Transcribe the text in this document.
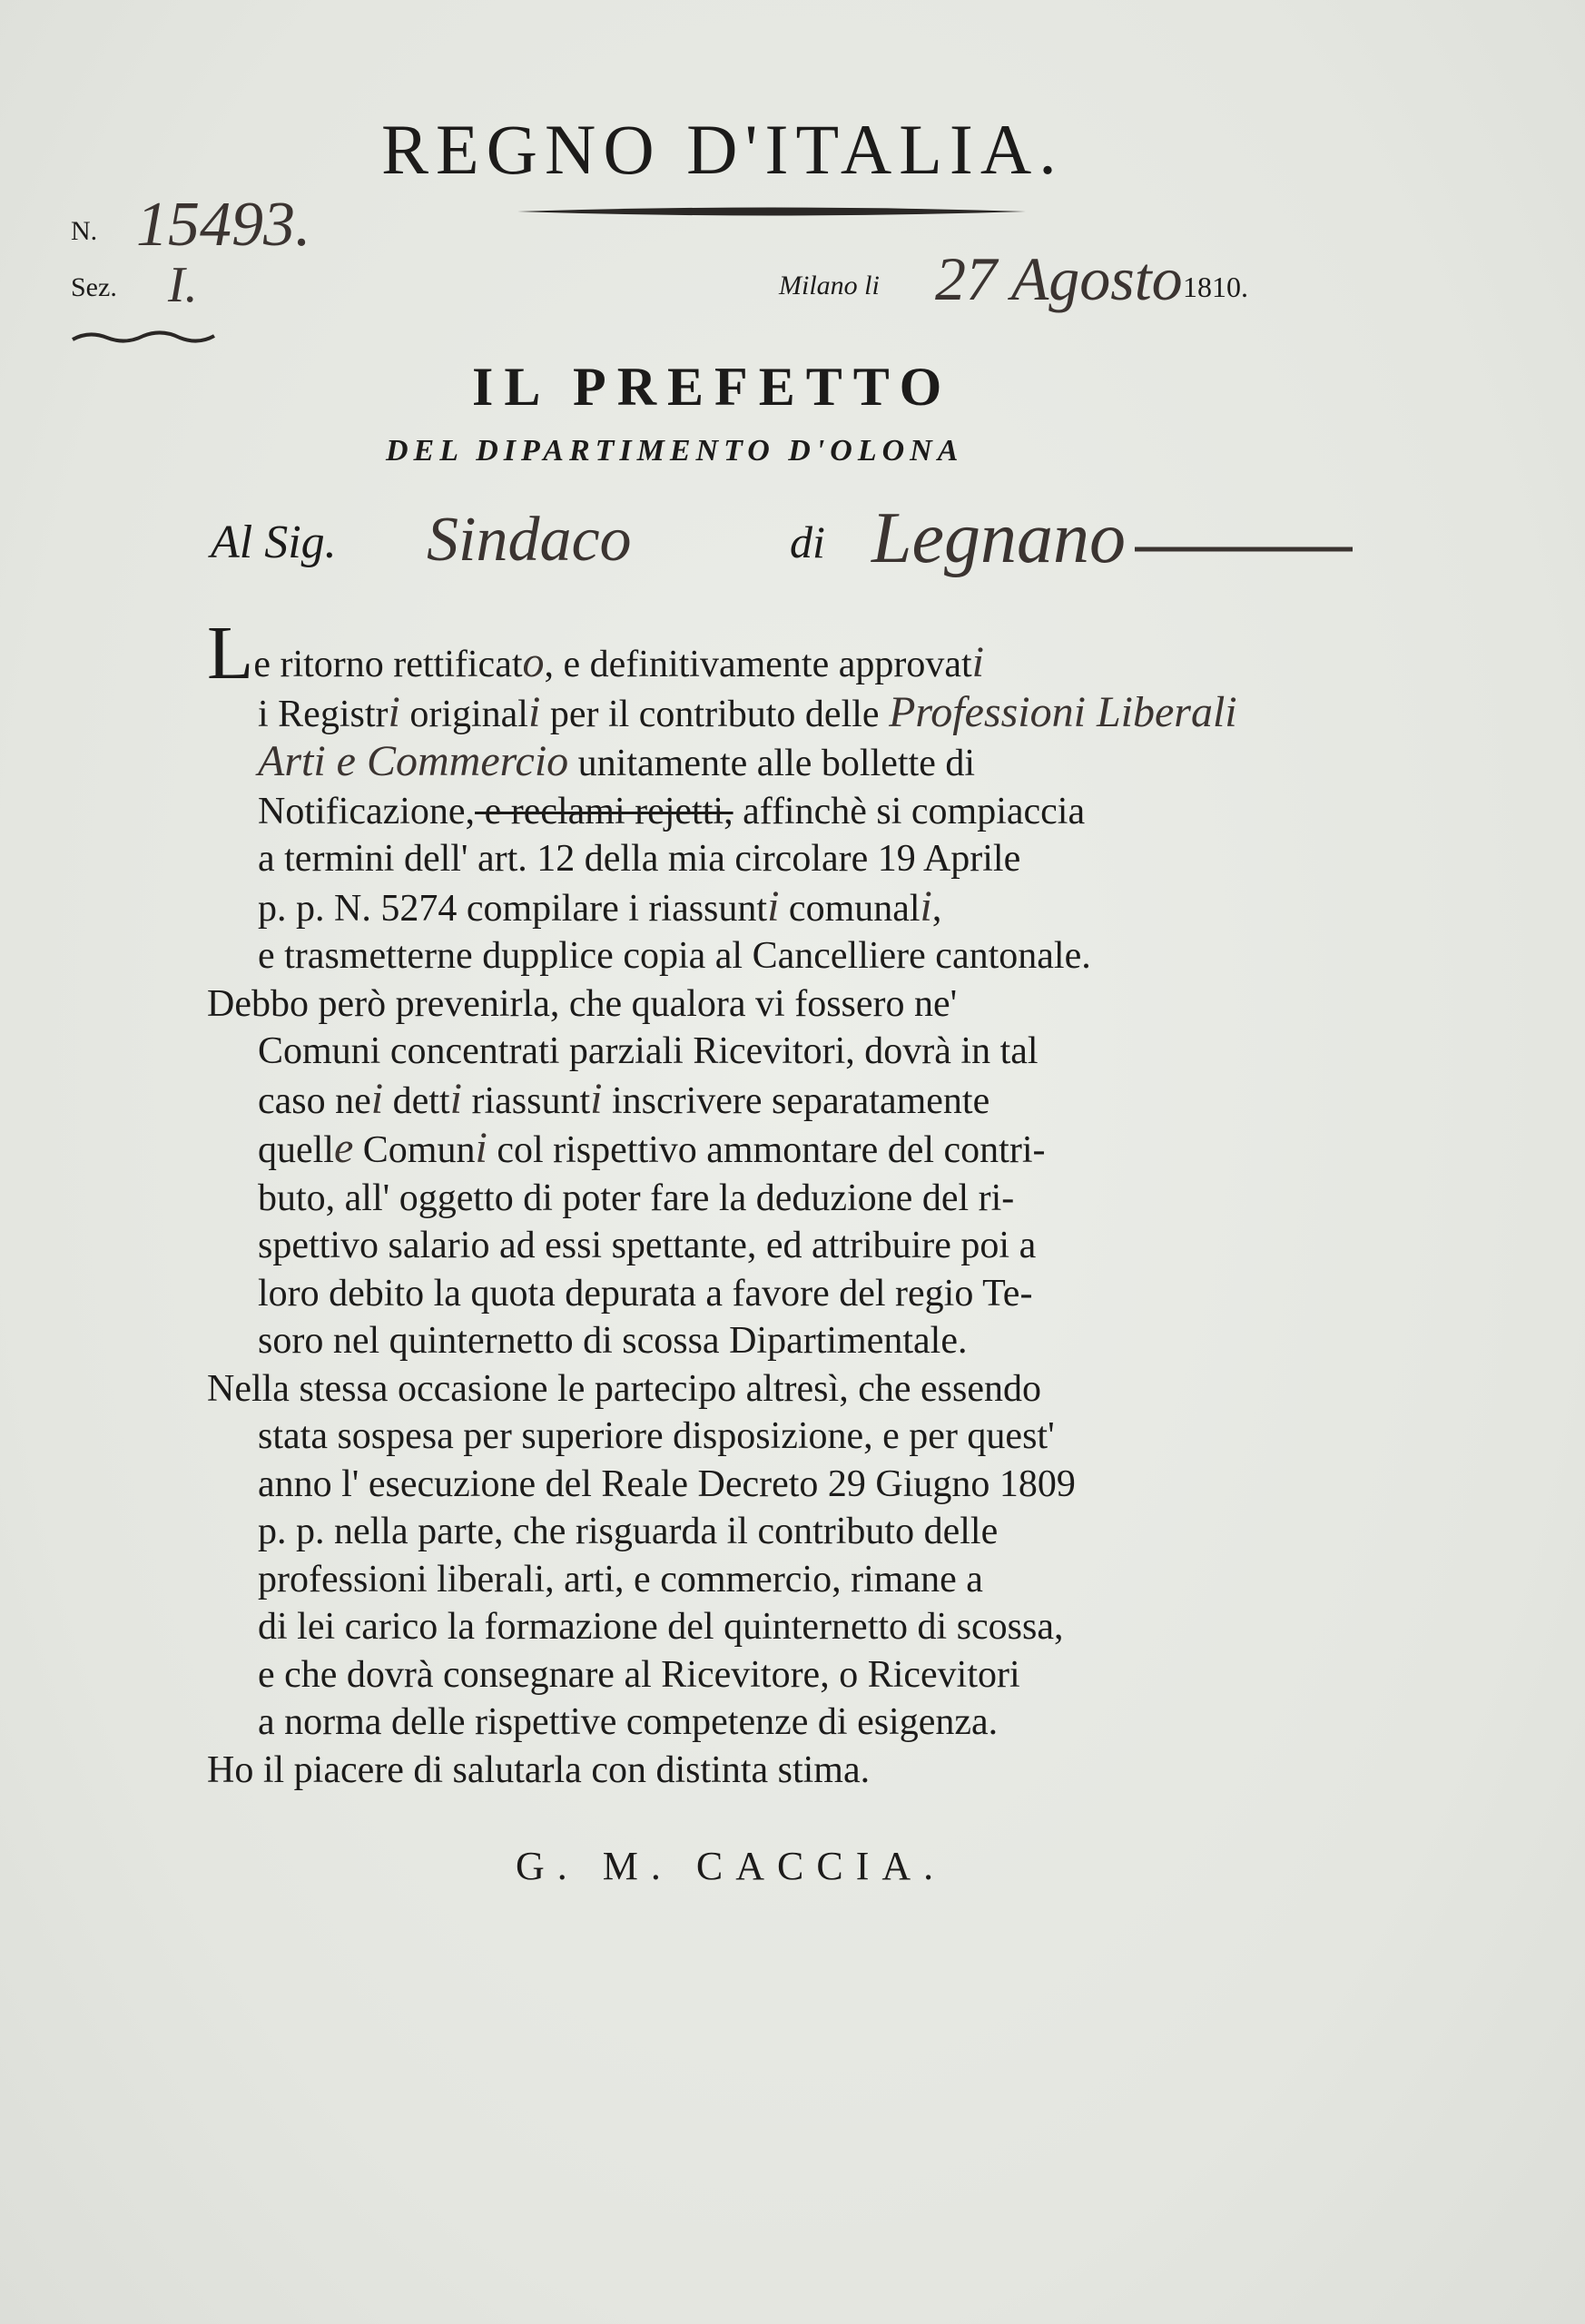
REGNO D'ITALIA.
N. 15493.
Sez. I.	Milano li 27 Agosto 1810.
IL PREFETTO
DEL DIPARTIMENTO D'OLONA
Al Sig. Sindaco	di Legnano
Le ritorno rettificato, e definitivamente approvati
i Registri originali per il contributo delle Professioni Liberali
Arti e Commercio unitamente alle bollette di
Notificazione, e reclami rejetti, affinchè si compiaccia
a termini dell' art. 12 della mia circolare 19 Aprile
p. p. N. 5274 compilare i riassunti comunali,
e trasmetterne dupplice copia al Cancelliere cantonale.
Debbo però prevenirla, che qualora vi fossero ne'
Comuni concentrati parziali Ricevitori, dovrà in tal
caso nei detti riassunti inscrivere separatamente
quelle Comuni col rispettivo ammontare del contri-
buto, all' oggetto di poter fare la deduzione del ri-
spettivo salario ad essi spettante, ed attribuire poi a
loro debito la quota depurata a favore del regio Te-
soro nel quinternetto di scossa Dipartimentale.
Nella stessa occasione le partecipo altresì, che essendo
stata sospesa per superiore disposizione, e per quest'
anno l' esecuzione del Reale Decreto 29 Giugno 1809
p. p. nella parte, che risguarda il contributo delle
professioni liberali, arti, e commercio, rimane a
di lei carico la formazione del quinternetto di scossa,
e che dovrà consegnare al Ricevitore, o Ricevitori
a norma delle rispettive competenze di esigenza.
Ho il piacere di salutarla con distinta stima.
G. M. CACCIA.
